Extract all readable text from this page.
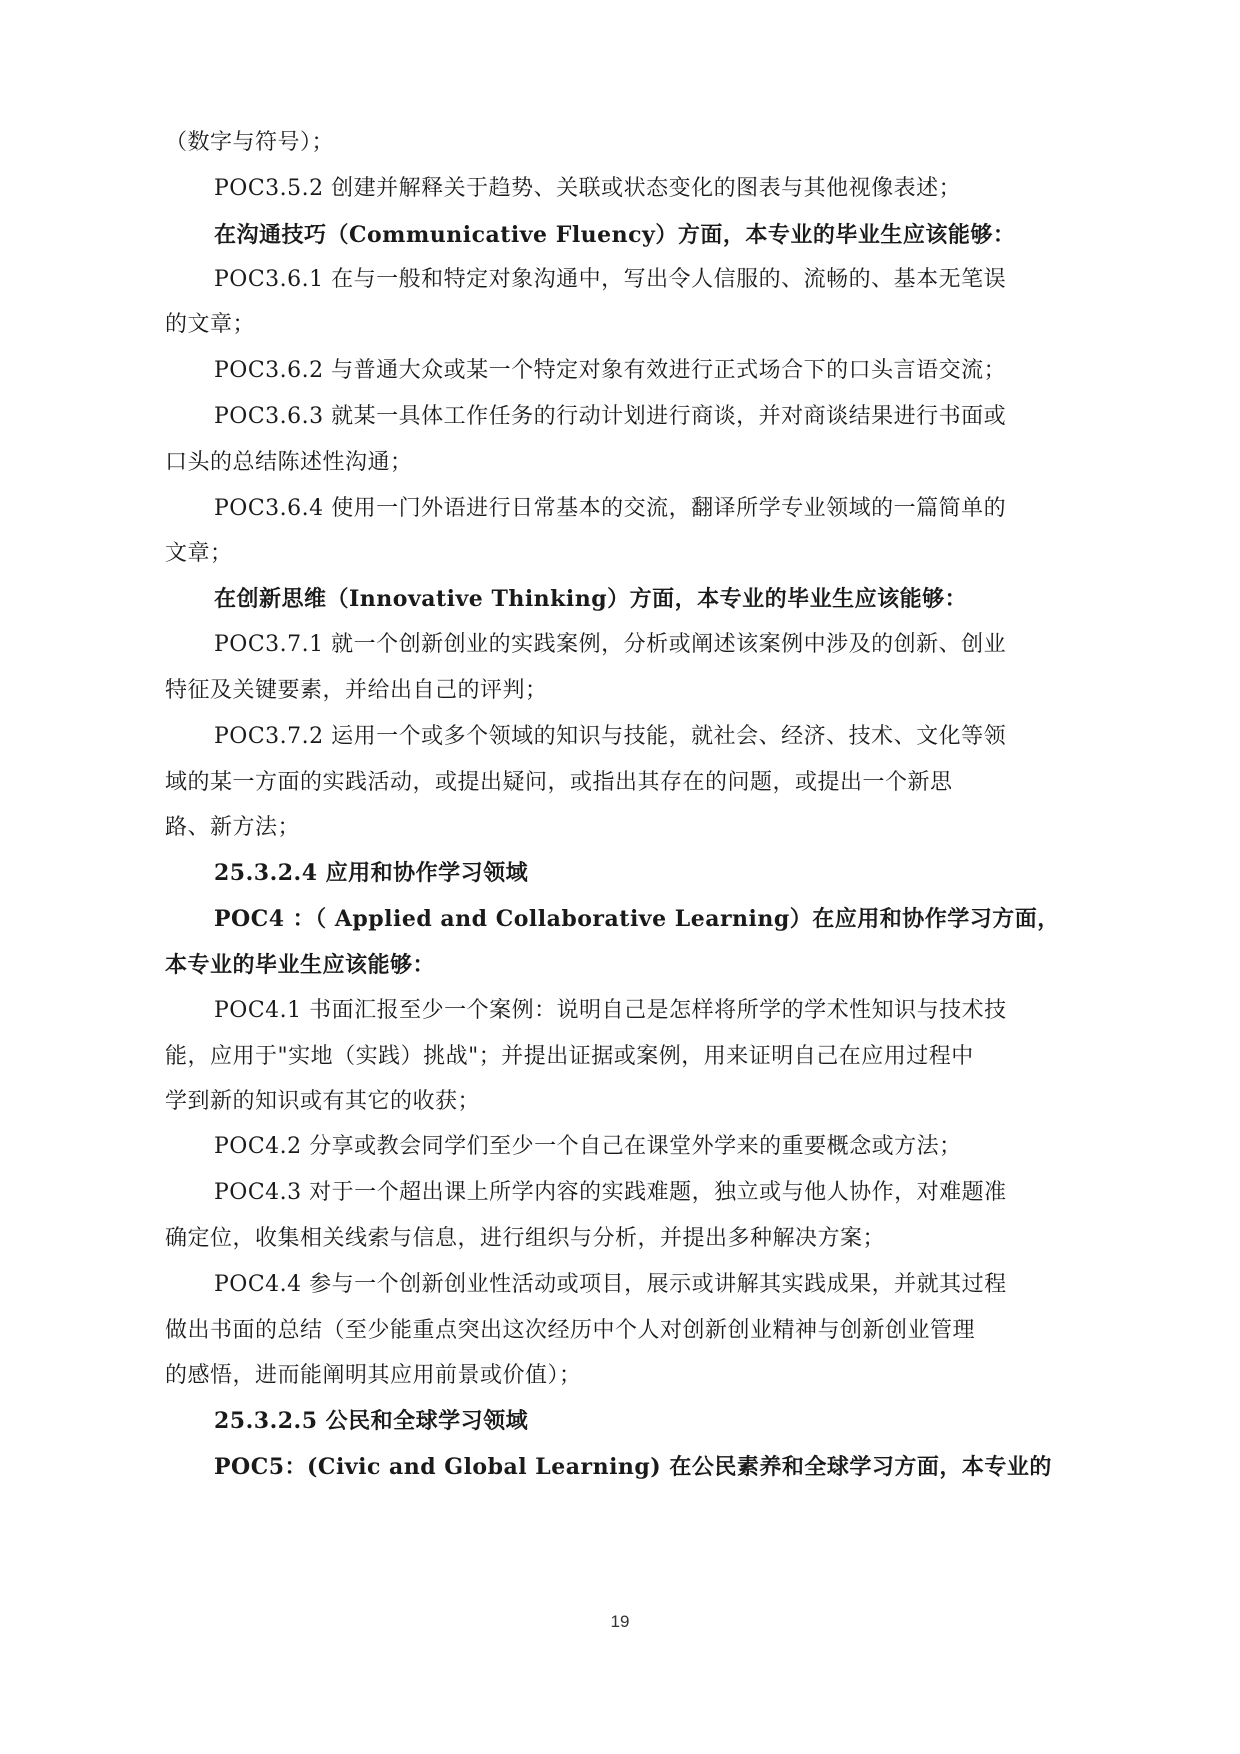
（数字与符号）；
POC3.5.2 创建并解释关于趋势、关联或状态变化的图表与其他视像表述；
在沟通技巧（Communicative Fluency）方面，本专业的毕业生应该能够：
POC3.6.1 在与一般和特定对象沟通中，写出令人信服的、流畅的、基本无笔误
的文章；
POC3.6.2 与普通大众或某一个特定对象有效进行正式场合下的口头言语交流；
POC3.6.3 就某一具体工作任务的行动计划进行商谈，并对商谈结果进行书面或
口头的总结陈述性沟通；
POC3.6.4 使用一门外语进行日常基本的交流，翻译所学专业领域的一篇简单的
文章；
在创新思维（Innovative Thinking）方面，本专业的毕业生应该能够：
POC3.7.1 就一个创新创业的实践案例，分析或阐述该案例中涉及的创新、创业
特征及关键要素，并给出自己的评判；
POC3.7.2 运用一个或多个领域的知识与技能，就社会、经济、技术、文化等领
域的某一方面的实践活动，或提出疑问，或指出其存在的问题，或提出一个新思
路、新方法；
25.3.2.4 应用和协作学习领域
POC4 ：（ Applied and Collaborative Learning）在应用和协作学习方面，
本专业的毕业生应该能够：
POC4.1 书面汇报至少一个案例：说明自己是怎样将所学的学术性知识与技术技
能，应用于"实地（实践）挑战"；并提出证据或案例，用来证明自己在应用过程中
学到新的知识或有其它的收获；
POC4.2 分享或教会同学们至少一个自己在课堂外学来的重要概念或方法；
POC4.3 对于一个超出课上所学内容的实践难题，独立或与他人协作，对难题准
确定位，收集相关线索与信息，进行组织与分析，并提出多种解决方案；
POC4.4 参与一个创新创业性活动或项目，展示或讲解其实践成果，并就其过程
做出书面的总结（至少能重点突出这次经历中个人对创新创业精神与创新创业管理
的感悟，进而能阐明其应用前景或价值）；
25.3.2.5 公民和全球学习领域
POC5：(Civic and Global Learning) 在公民素养和全球学习方面，本专业的
19
